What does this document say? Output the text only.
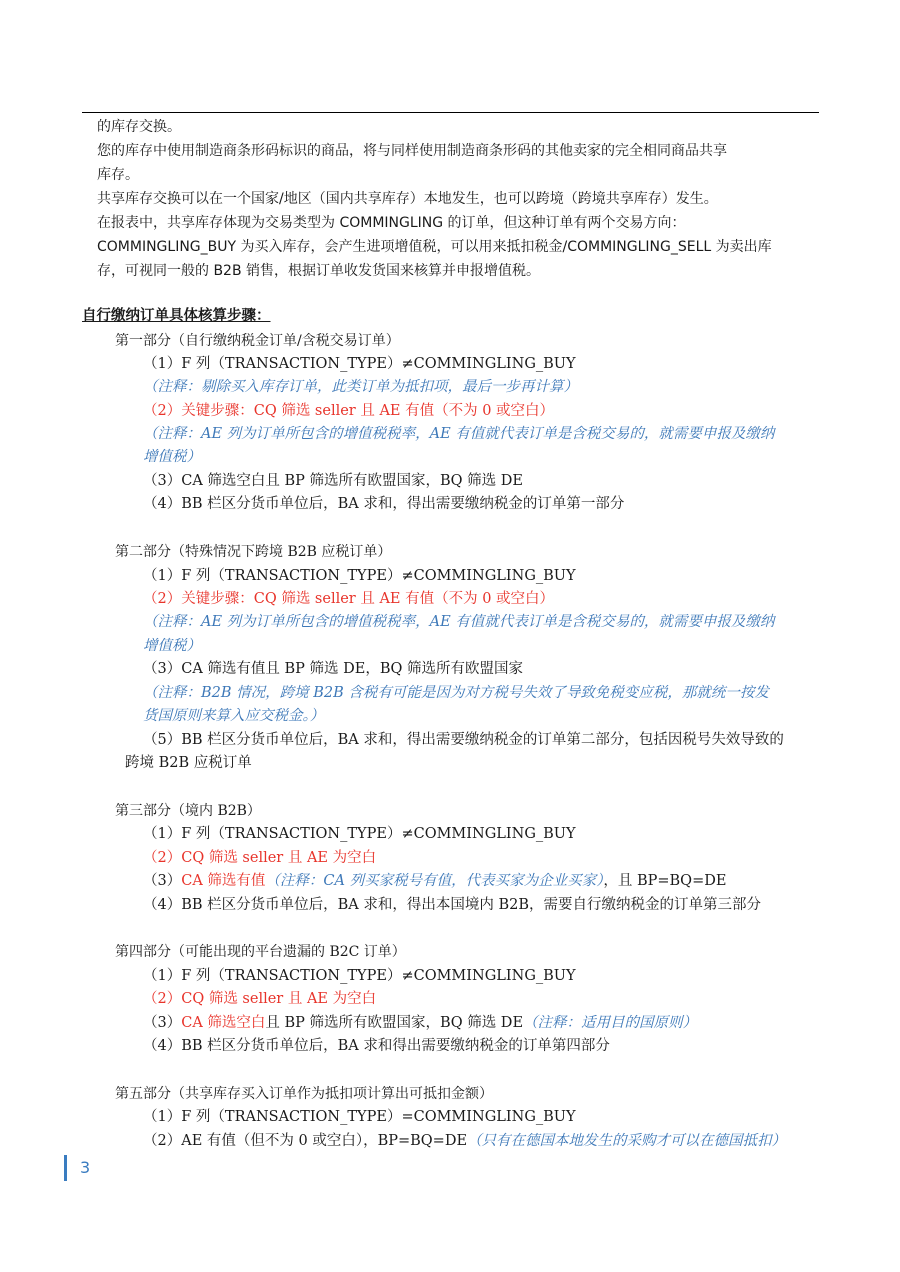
的库存交换。
您的库存中使用制造商条形码标识的商品，将与同样使用制造商条形码的其他卖家的完全相同商品共享
库存。
共享库存交换可以在一个国家/地区（国内共享库存）本地发生，也可以跨境（跨境共享库存）发生。
在报表中，共享库存体现为交易类型为 COMMINGLING 的订单，但这种订单有两个交易方向：
COMMINGLING_BUY 为买入库存，会产生进项增值税，可以用来抵扣税金/COMMINGLING_SELL 为卖出库
存，可视同一般的 B2B 销售，根据订单收发货国来核算并申报增值税。
自行缴纳订单具体核算步骤：
第一部分（自行缴纳税金订单/含税交易订单）
（1）F 列（TRANSACTION_TYPE）≠COMMINGLING_BUY
（注释：剔除买入库存订单，此类订单为抵扣项，最后一步再计算）
（2）关键步骤：CQ 筛选 seller 且 AE 有值（不为 0 或空白）
（注释：AE 列为订单所包含的增值税税率，AE 有值就代表订单是含税交易的，就需要申报及缴纳
增值税）
（3）CA 筛选空白且 BP 筛选所有欧盟国家，BQ 筛选 DE
（4）BB 栏区分货币单位后，BA 求和，得出需要缴纳税金的订单第一部分
第二部分（特殊情况下跨境 B2B 应税订单）
（1）F 列（TRANSACTION_TYPE）≠COMMINGLING_BUY
（2）关键步骤：CQ 筛选 seller 且 AE 有值（不为 0 或空白）
（注释：AE 列为订单所包含的增值税税率，AE 有值就代表订单是含税交易的，就需要申报及缴纳
增值税）
（3）CA 筛选有值且 BP 筛选 DE，BQ 筛选所有欧盟国家
（注释：B2B 情况，跨境 B2B 含税有可能是因为对方税号失效了导致免税变应税，那就统一按发
货国原则来算入应交税金。）
（5）BB 栏区分货币单位后，BA 求和，得出需要缴纳税金的订单第二部分，包括因税号失效导致的
跨境 B2B 应税订单
第三部分（境内 B2B）
（1）F 列（TRANSACTION_TYPE）≠COMMINGLING_BUY
（2）CQ 筛选 seller 且 AE 为空白
（3）CA 筛选有值（注释：CA 列买家税号有值，代表买家为企业买家），且 BP=BQ=DE
（4）BB 栏区分货币单位后，BA 求和，得出本国境内 B2B，需要自行缴纳税金的订单第三部分
第四部分（可能出现的平台遗漏的 B2C 订单）
（1）F 列（TRANSACTION_TYPE）≠COMMINGLING_BUY
（2）CQ 筛选 seller 且 AE 为空白
（3）CA 筛选空白且 BP 筛选所有欧盟国家，BQ 筛选 DE（注释：适用目的国原则）
（4）BB 栏区分货币单位后，BA 求和得出需要缴纳税金的订单第四部分
第五部分（共享库存买入订单作为抵扣项计算出可抵扣金额）
（1）F 列（TRANSACTION_TYPE）=COMMINGLING_BUY
（2）AE 有值（但不为 0 或空白），BP=BQ=DE（只有在德国本地发生的采购才可以在德国抵扣）
3
